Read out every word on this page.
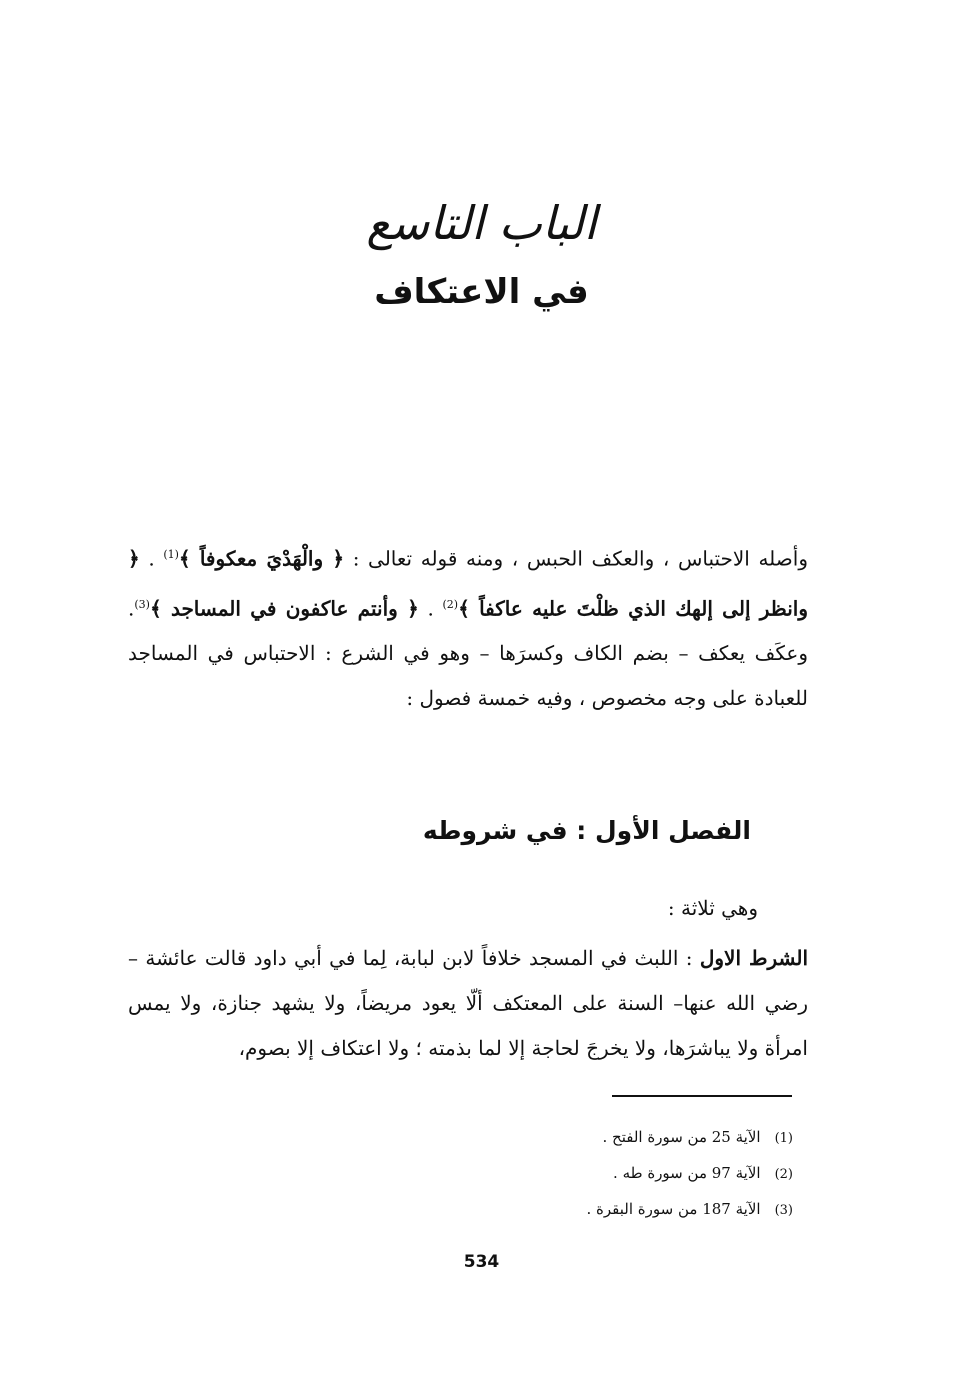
الباب التاسع
في الاعتكاف
وأصله الاحتباس ، والعكف الحبس ، ومنه قوله تعالى : ﴿ والْهَدْيَ معكوفاً ﴾$^{(1)}$ . ﴿ وانظر إلى إلهك الذي ظلْتَ عليه عاكفاً ﴾$^{(2)}$ . ﴿ وأنتم عاكفون في المساجد ﴾$^{(3)}$. وعكَف يعكف – بضم الكاف وكسرَها – وهو في الشرع : الاحتباس في المساجد للعبادة على وجه مخصوص ، وفيه خمسة فصول :
الفصل الأول : في شروطه
وهي ثلاثة :
الشرط الاول : اللبث في المسجد خلافاً لابن لبابة، لِما في أبي داود قالت عائشة –رضي الله عنها– السنة على المعتكف ألّا يعود مريضاً، ولا يشهد جنازة، ولا يمس امرأة ولا يباشرَها، ولا يخرجَ لحاجة إلا لما بذمته ؛ ولا اعتكاف إلا بصوم،
(1)الآية 25 من سورة الفتح .
(2)الآية 97 من سورة طه .
(3)الآية 187 من سورة البقرة .
534
